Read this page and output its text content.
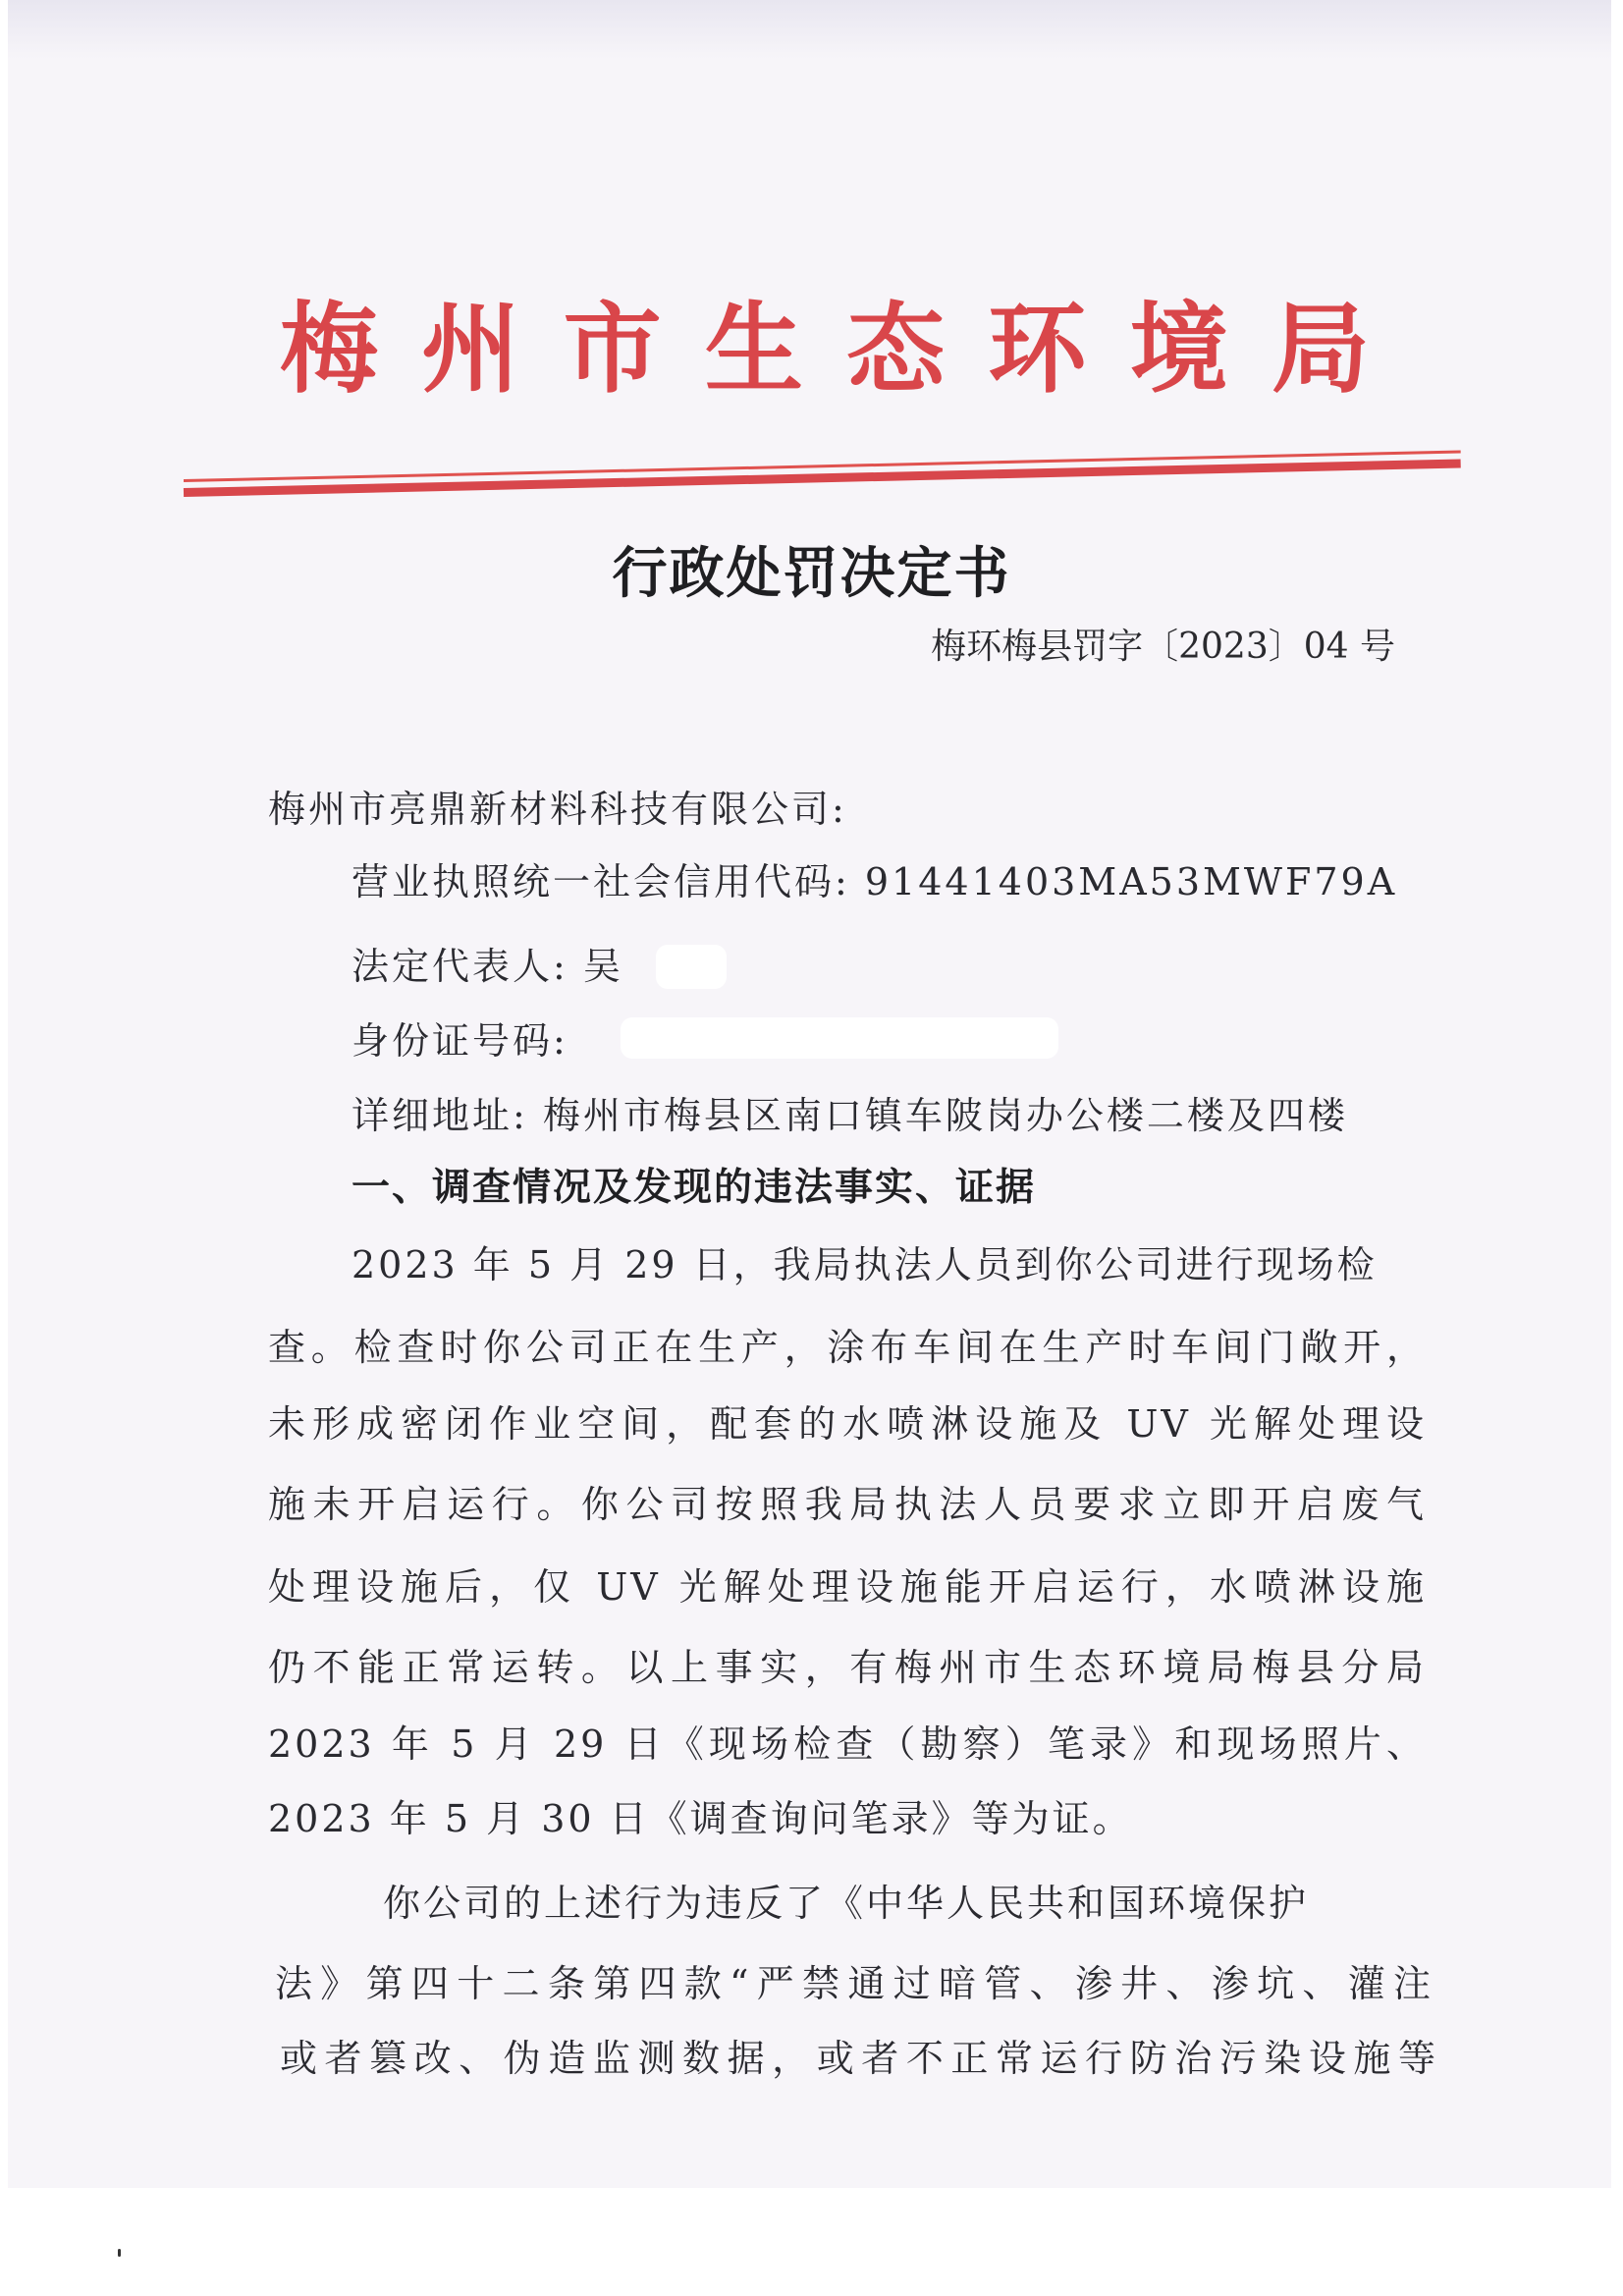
梅 州 市 生 态 环 境 局
行政处罚决定书
梅环梅县罚字〔2023〕04 号
梅州市亮鼎新材料科技有限公司:
营业执照统一社会信用代码: 91441403MA53MWF79A
法定代表人: 吴
身份证号码:
详细地址: 梅州市梅县区南口镇车陂岗办公楼二楼及四楼
一、调查情况及发现的违法事实、证据
2023 年 5 月 29 日，我局执法人员到你公司进行现场检
查。检查时你公司正在生产，涂布车间在生产时车间门敞开，
未形成密闭作业空间，配套的水喷淋设施及 UV 光解处理设
施未开启运行。你公司按照我局执法人员要求立即开启废气
处理设施后，仅 UV 光解处理设施能开启运行，水喷淋设施
仍不能正常运转。以上事实，有梅州市生态环境局梅县分局
2023 年 5 月 29 日《现场检查（勘察）笔录》和现场照片、
2023 年 5 月 30 日《调查询问笔录》等为证。
你公司的上述行为违反了《中华人民共和国环境保护
法》第四十二条第四款“严禁通过暗管、渗井、渗坑、灌注
或者篡改、伪造监测数据，或者不正常运行防治污染设施等
